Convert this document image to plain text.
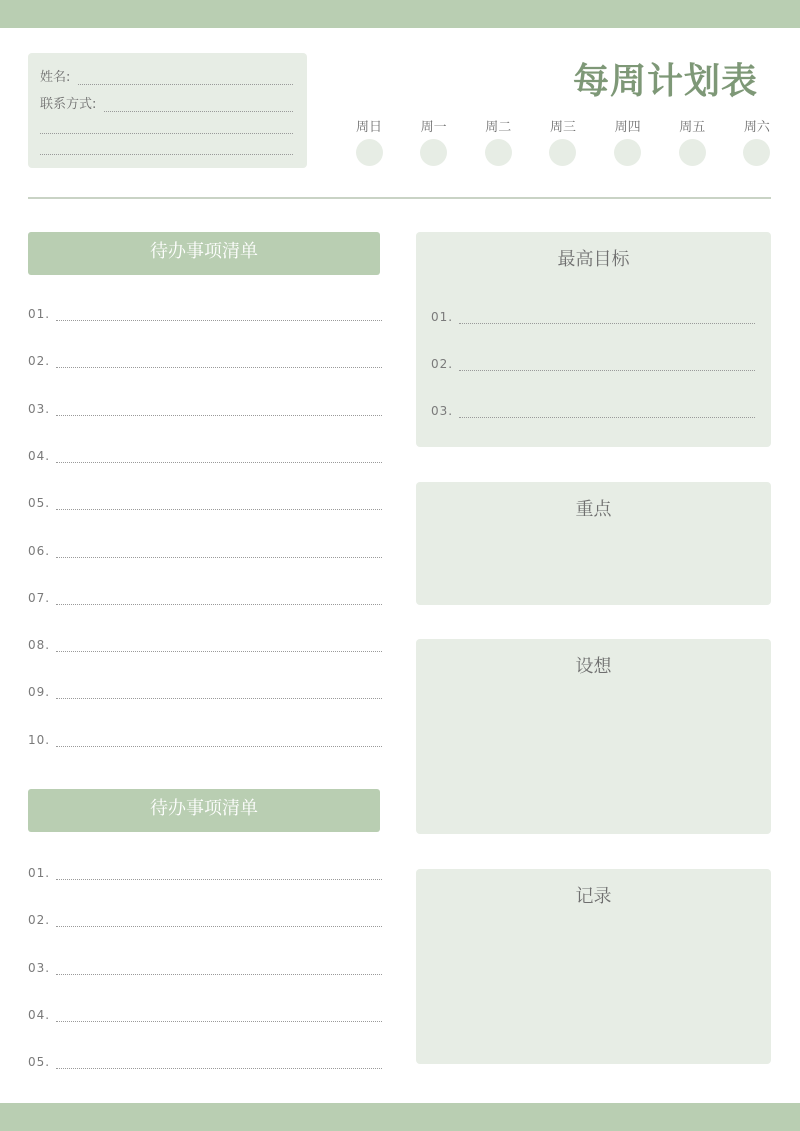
姓名:
联系方式:
每周计划表
周日	周一	周二	周三	周四	周五	周六
待办事项清单
01.
02.
03.
04.
05.
06.
07.
08.
09.
10.
待办事项清单
01.
02.
03.
04.
05.
最高目标
01.
02.
03.
重点
设想
记录
